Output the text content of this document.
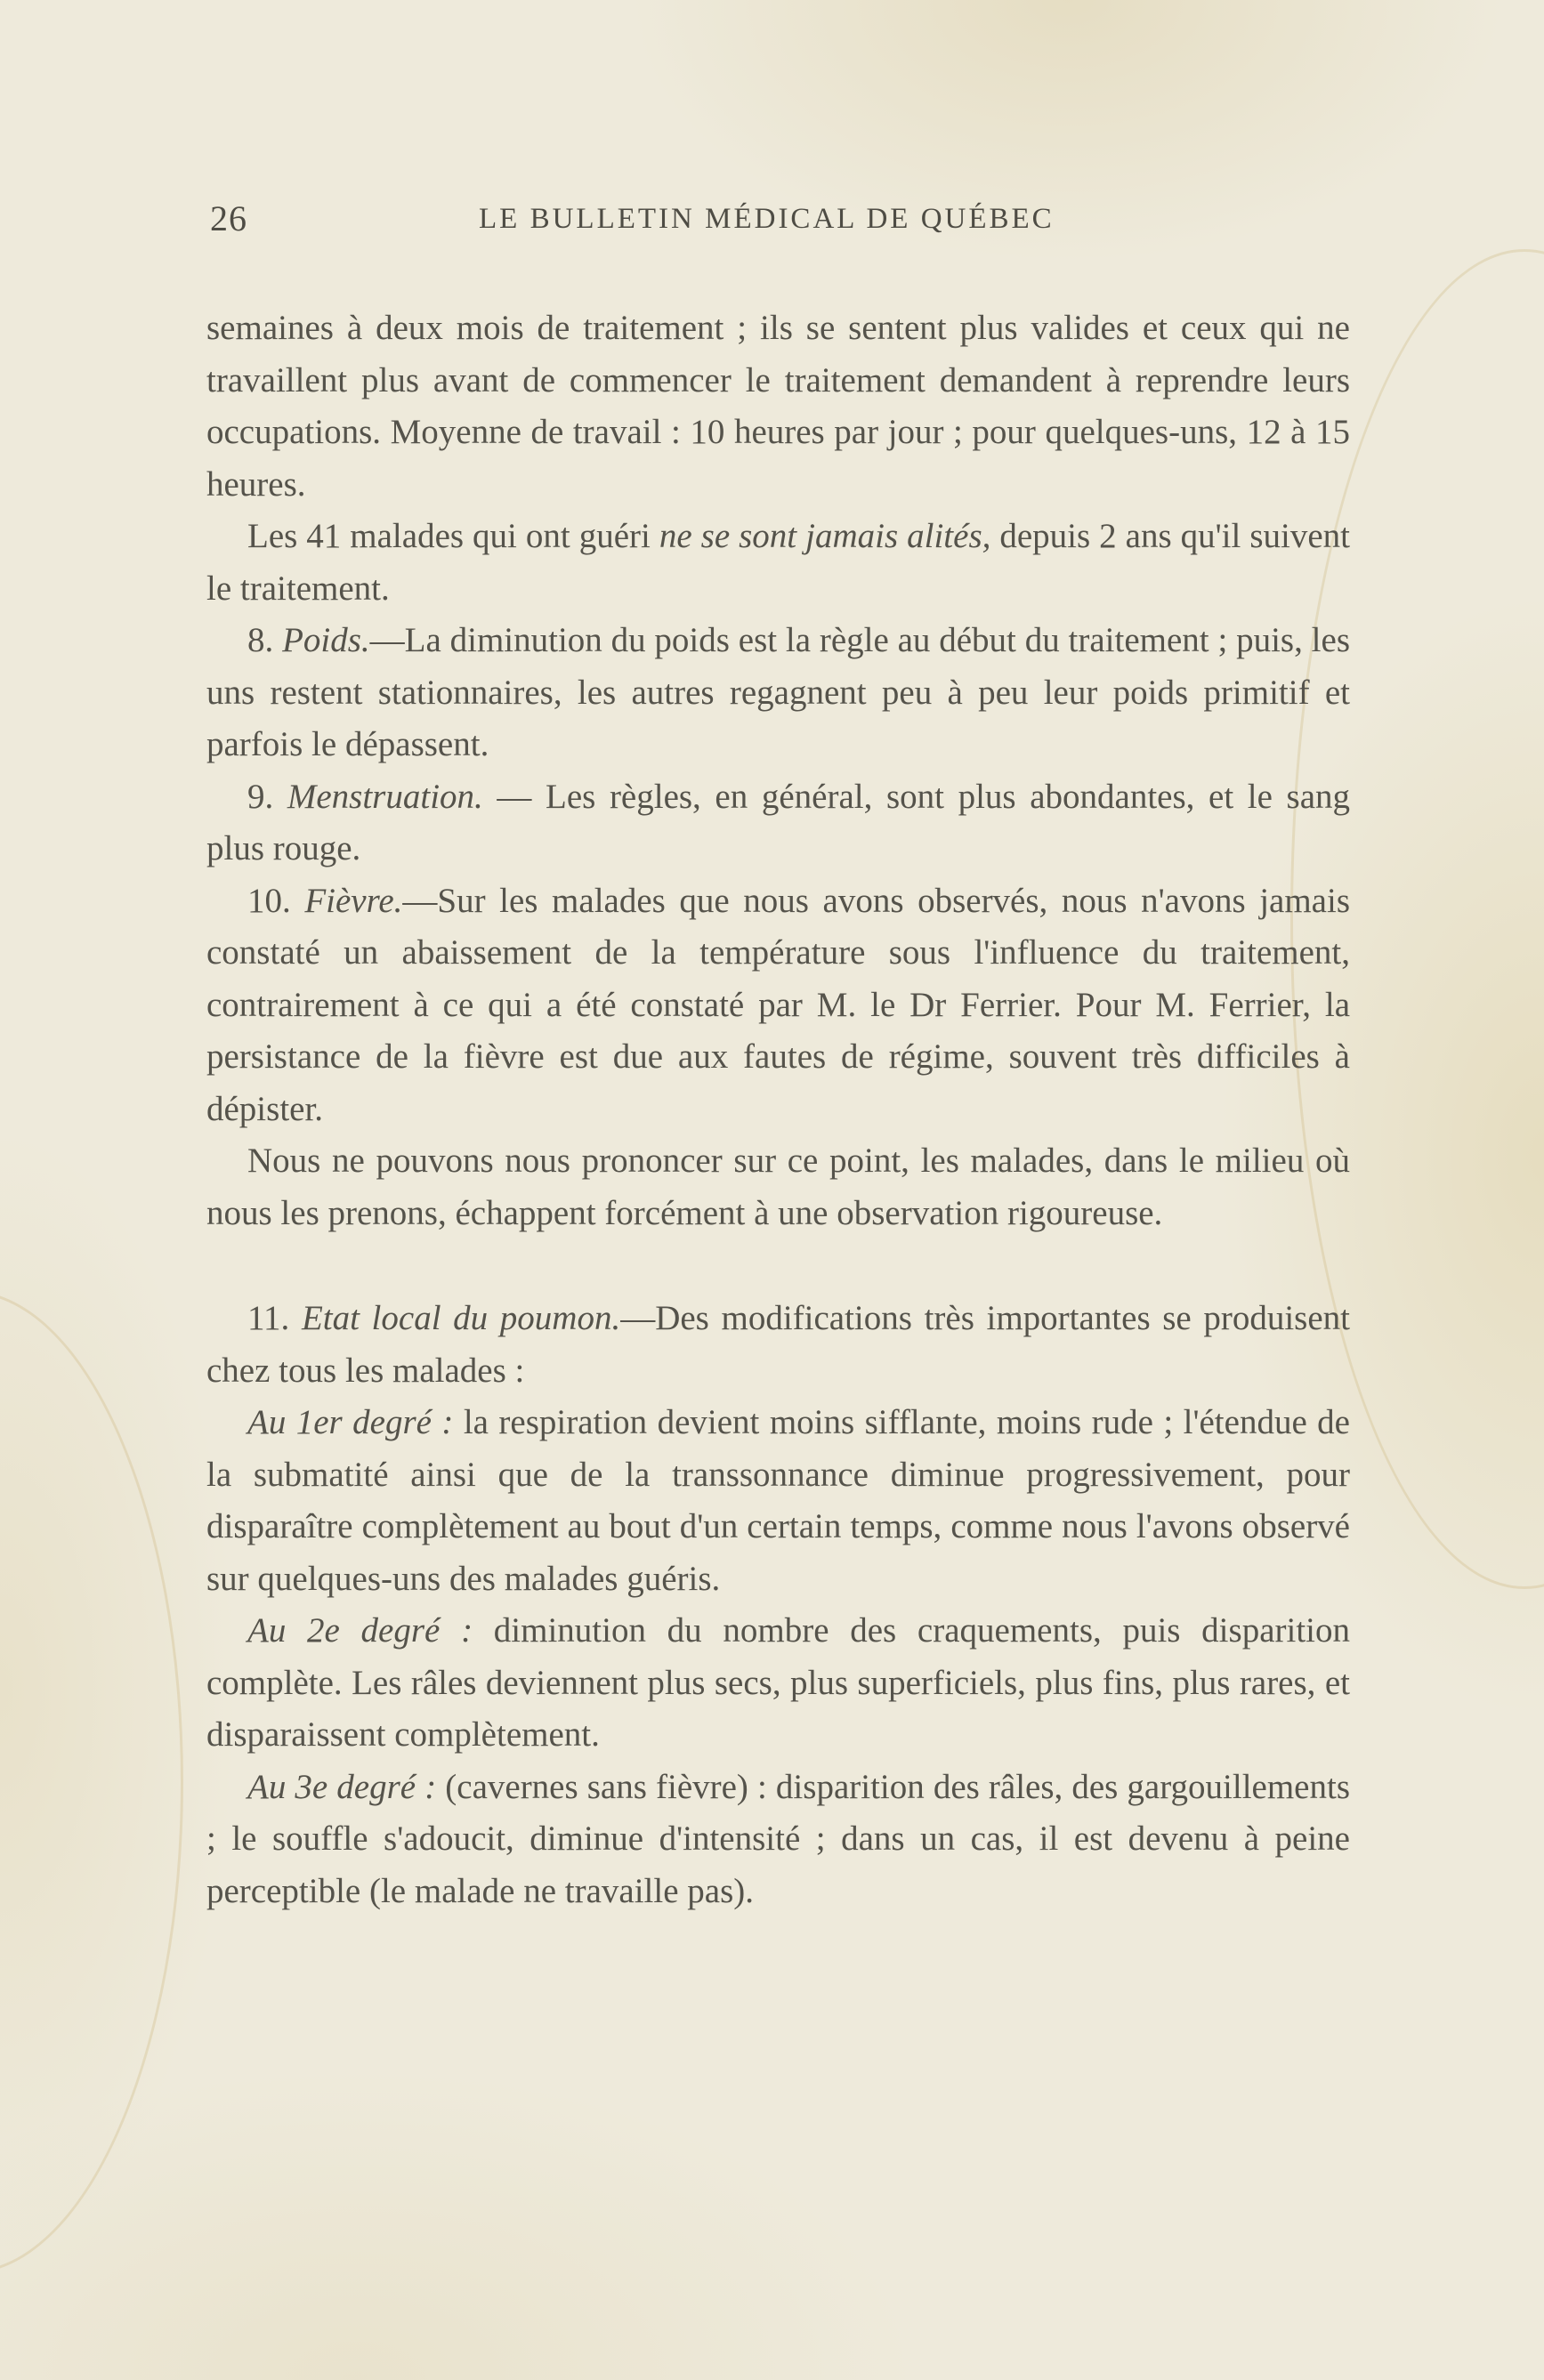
26	LE BULLETIN MÉDICAL DE QUÉBEC

semaines à deux mois de traitement ; ils se sentent plus valides et ceux qui ne travaillent plus avant de commencer le traitement demandent à reprendre leurs occupations. Moyenne de travail : 10 heures par jour ; pour quelques-uns, 12 à 15 heures.

Les 41 malades qui ont guéri ne se sont jamais alités, depuis 2 ans qu'il suivent le traitement.

8. Poids.—La diminution du poids est la règle au début du traitement ; puis, les uns restent stationnaires, les autres regagnent peu à peu leur poids primitif et parfois le dépassent.

9. Menstruation. — Les règles, en général, sont plus abondantes, et le sang plus rouge.

10. Fièvre.—Sur les malades que nous avons observés, nous n'avons jamais constaté un abaissement de la température sous l'influence du traitement, contrairement à ce qui a été constaté par M. le Dr Ferrier. Pour M. Ferrier, la persistance de la fièvre est due aux fautes de régime, souvent très difficiles à dépister.

Nous ne pouvons nous prononcer sur ce point, les malades, dans le milieu où nous les prenons, échappent forcément à une observation rigoureuse.

11. Etat local du poumon.—Des modifications très importantes se produisent chez tous les malades :

Au 1er degré : la respiration devient moins sifflante, moins rude ; l'étendue de la submatité ainsi que de la transsonnance diminue progressivement, pour disparaître complètement au bout d'un certain temps, comme nous l'avons observé sur quelques-uns des malades guéris.

Au 2e degré : diminution du nombre des craquements, puis disparition complète. Les râles deviennent plus secs, plus superficiels, plus fins, plus rares, et disparaissent complètement.

Au 3e degré : (cavernes sans fièvre) : disparition des râles, des gargouillements ; le souffle s'adoucit, diminue d'intensité ; dans un cas, il est devenu à peine perceptible (le malade ne travaille pas).
